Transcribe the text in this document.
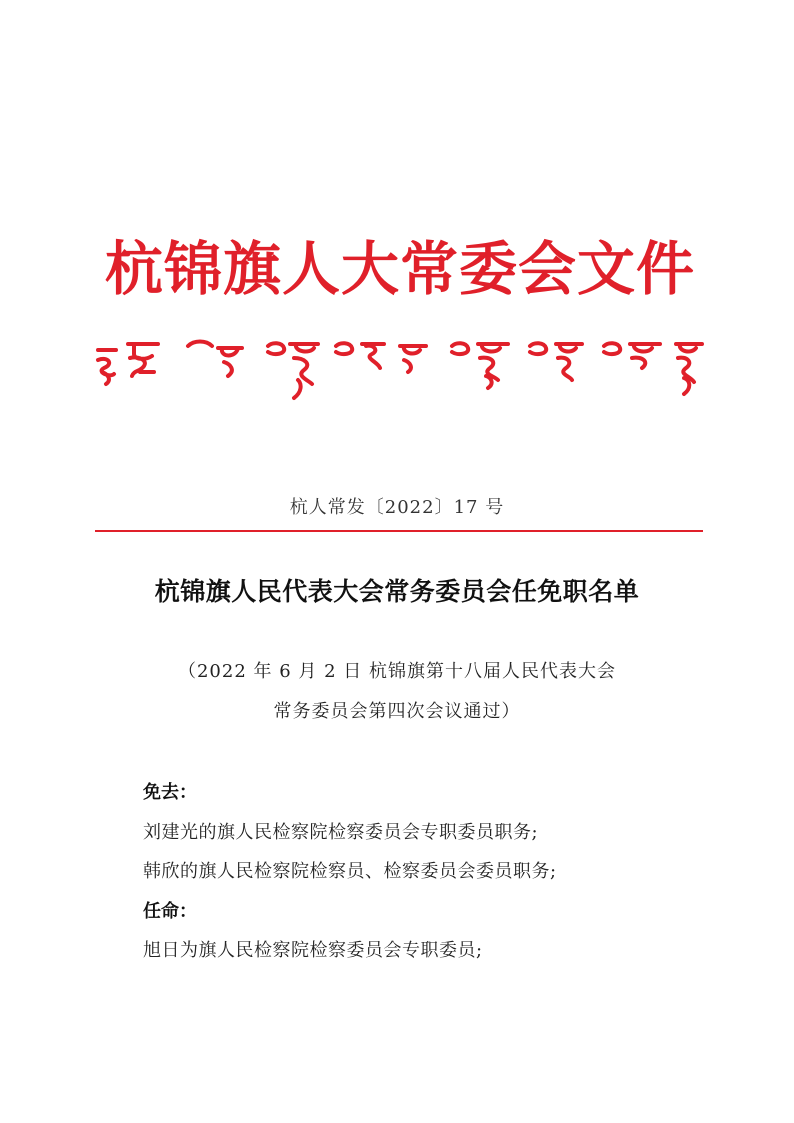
杭锦旗人大常委会文件
杭人常发〔2022〕17 号
杭锦旗人民代表大会常务委员会任免职名单
（2022 年 6 月 2 日 杭锦旗第十八届人民代表大会
常务委员会第四次会议通过）
免去：
刘建光的旗人民检察院检察委员会专职委员职务;
韩欣的旗人民检察院检察员、检察委员会委员职务;
任命：
旭日为旗人民检察院检察委员会专职委员;
